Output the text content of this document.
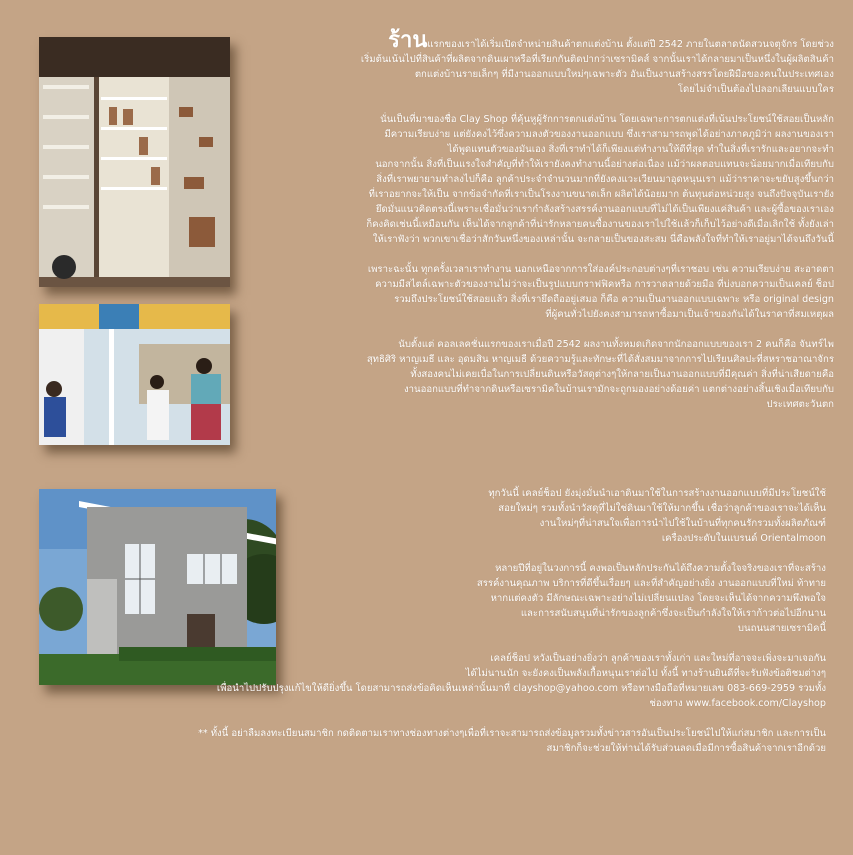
ร้านแรกของเราได้เริ่มเปิดจำหน่ายสินค้าตกแต่งบ้าน ตั้งแต่ปี 2542 ภายในตลาดนัดสวนจตุจักร โดยช่วง
เริ่มต้นเน้นไปที่สินค้าที่ผลิตจากดินเผาหรือที่เรียกกันติดปากว่าเซรามิคส์ จากนั้นเราได้กลายมาเป็นหนึ่งในผู้ผลิตสินค้า
ตกแต่งบ้านรายเล็กๆ ที่มีงานออกแบบใหม่ๆเฉพาะตัว อันเป็นงานสร้างสรรโดยฝีมือของคนในประเทศเอง
โดยไม่จำเป็นต้องไปลอกเลียนแบบใคร

นั่นเป็นที่มาของชื่อ Clay Shop ที่คุ้นหูผู้รักการตกแต่งบ้าน โดยเฉพาะการตกแต่งที่เน้นประโยชน์ใช้สอยเป็นหลัก
มีความเรียบง่าย แต่ยังคงไว้ซึ่งความลงตัวของงานออกแบบ ซึ่งเราสามารถพูดได้อย่างภาคภูมิว่า ผลงานของเรา
ได้พูดแทนตัวของมันเอง สิ่งที่เราทำได้ก็เพียงแต่ทำงานให้ดีที่สุด ทำในสิ่งที่เรารักและอยากจะทำ
นอกจากนั้น สิ่งที่เป็นแรงใจสำคัญที่ทำให้เรายังคงทำงานนี้อย่างต่อเนื่อง แม้ว่าผลตอบแทนจะน้อยมากเมื่อเทียบกับ
สิ่งที่เราพยายามทำลงไปก็คือ ลูกค้าประจำจำนวนมากที่ยังคงแวะเวียนมาอุดหนุนเรา แม้ว่าราคาจะขยับสูงขึ้นกว่า
ที่เราอยากจะให้เป็น จากข้อจำกัดที่เราเป็นโรงงานขนาดเล็ก ผลิตได้น้อยมาก ต้นทุนต่อหน่วยสูง จนถึงปัจจุบันเรายัง
ยึดมั่นแนวคิดตรงนี้เพราะเชื่อมั่นว่าเรากำลังสร้างสรรค์งานออกแบบที่ไม่ได้เป็นเพียงแค่สินค้า และผู้ซื้อของเราเอง
ก็คงคิดเช่นนี้เหมือนกัน เห็นได้จากลูกค้าที่น่ารักหลายคนซื้องานของเราไปใช้แล้วก็เก็บไว้อย่างดีเมื่อเลิกใช้ ทั้งยังเล่า
ให้เราฟังว่า พวกเขาเชื่อว่าสักวันหนึ่งของเหล่านั้น จะกลายเป็นของสะสม นี่คือพลังใจที่ทำให้เราอยู่มาได้จนถึงวันนี้

เพราะฉะนั้น ทุกครั้งเวลาเราทำงาน นอกเหนือจากการใส่องค์ประกอบต่างๆที่เราชอบ เช่น ความเรียบง่าย สะอาดตา
ความมีสไตล์เฉพาะตัวของงานไม่ว่าจะเป็นรูปแบบกราฟฟิคหรือ การวาดลายด้วยมือ ที่บ่งบอกความเป็นเคลย์ ช็อป
รวมถึงประโยชน์ใช้สอยแล้ว สิ่งที่เรายึดถืออยู่เสมอ ก็คือ ความเป็นงานออกแบบเฉพาะ หรือ original design
ที่ผู้คนทั่วไปยังคงสามารถหาซื้อมาเป็นเจ้าของกันได้ในราคาที่สมเหตุผล

นับตั้งแต่ คอลเลคชั่นแรกของเราเมื่อปี 2542 ผลงานทั้งหมดเกิดจากนักออกแบบของเรา 2 คนก็คือ จันทร์ไพ
สุทธิศิริ หาญเมธี และ อุดมสิน หาญเมธี ด้วยความรู้และทักษะที่ได้สั่งสมมาจากการไปเรียนศิลปะที่สหราชอาณาจักร
ทั้งสองคนไม่เคยเบื่อในการเปลี่ยนดินหรือวัสดุต่างๆให้กลายเป็นงานออกแบบที่มีคุณค่า สิ่งที่น่าเสียดายคือ
งานออกแบบที่ทำจากดินหรือเซรามิคในบ้านเรามักจะถูกมองอย่างด้อยค่า แตกต่างอย่างสิ้นเชิงเมื่อเทียบกับ
ประเทศตะวันตก

ทุกวันนี้ เคลย์ช็อป ยังมุ่งมั่นนำเอาดินมาใช้ในการสร้างงานออกแบบที่มีประโยชน์ใช้
สอยใหม่ๆ รวมทั้งนำวัสดุที่ไม่ใช่ดินมาใช้ให้มากขึ้น เชื่อว่าลูกค้าของเราจะได้เห็น
งานใหม่ๆที่น่าสนใจเพื่อการนำไปใช้ในบ้านที่ทุกคนรักรวมทั้งผลิตภัณฑ์
เครื่องประดับในแบรนด์ Orientalmoon

หลายปีที่อยู่ในวงการนี้ คงพอเป็นหลักประกันได้ถึงความตั้งใจจริงของเราที่จะสร้าง
สรรค์งานคุณภาพ บริการที่ดีขึ้นเรื่อยๆ และที่สำคัญอย่างยิ่ง งานออกแบบที่ใหม่ ท้าทาย
หากแต่คงตัว มีลักษณะเฉพาะอย่างไม่เปลี่ยนแปลง โดยจะเห็นได้จากความพึงพอใจ
และการสนับสนุนที่น่ารักของลูกค้าซึ่งจะเป็นกำลังใจให้เราก้าวต่อไปอีกนาน
บนถนนสายเซรามิคนี้

เคลย์ช็อป หวังเป็นอย่างยิ่งว่า ลูกค้าของเราทั้งเก่า และใหม่ที่อาจจะเพิ่งจะมาเจอกัน
ได้ไม่นานนัก จะยังคงเป็นพลังเกื้อหนุนเราต่อไป ทั้งนี้ ทางร้านยินดีที่จะรับฟังข้อติชมต่างๆ
เพื่อนำไปปรับปรุงแก้ไขให้ดียิ่งขึ้น โดยสามารถส่งข้อคิดเห็นเหล่านั้นมาที่ clayshop@yahoo.com หรือทางมือถือที่หมายเลข 083-669-2959 รวมทั้ง
ช่องทาง www.facebook.com/Clayshop

** ทั้งนี้ อย่าลืมลงทะเบียนสมาชิก กดติดตามเราทางช่องทางต่างๆเพื่อที่เราจะสามารถส่งข้อมูลรวมทั้งข่าวสารอันเป็นประโยชน์ไปให้แก่สมาชิก และการเป็น
สมาชิกก็จะช่วยให้ท่านได้รับส่วนลดเมื่อมีการซื้อสินค้าจากเราอีกด้วย
